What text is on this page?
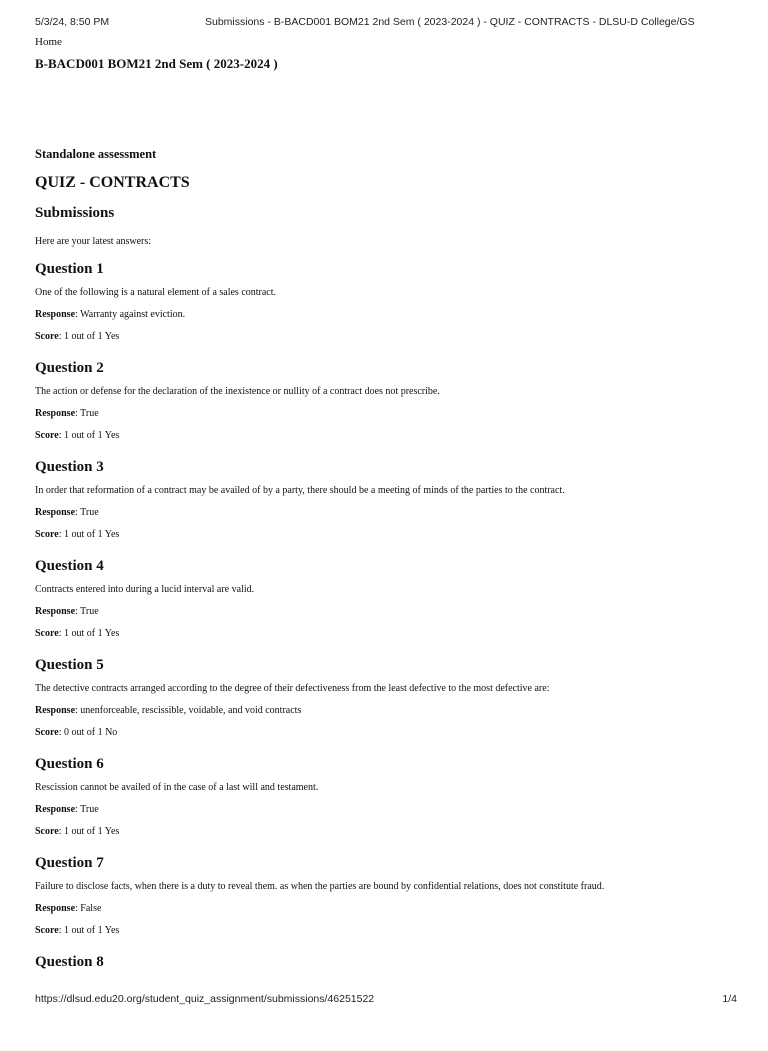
5/3/24, 8:50 PM	Submissions - B-BACD001 BOM21 2nd Sem ( 2023-2024 ) - QUIZ - CONTRACTS - DLSU-D College/GS
Home
B-BACD001 BOM21 2nd Sem ( 2023-2024 )
Standalone assessment
QUIZ - CONTRACTS
Submissions
Here are your latest answers:
Question 1
One of the following is a natural element of a sales contract.
Response: Warranty against eviction.
Score: 1 out of 1 Yes
Question 2
The action or defense for the declaration of the inexistence or nullity of a contract does not prescribe.
Response: True
Score: 1 out of 1 Yes
Question 3
In order that reformation of a contract may be availed of by a party, there should be a meeting of minds of the parties to the contract.
Response: True
Score: 1 out of 1 Yes
Question 4
Contracts entered into during a lucid interval are valid.
Response: True
Score: 1 out of 1 Yes
Question 5
The detective contracts arranged according to the degree of their defectiveness from the least defective to the most defective are:
Response: unenforceable, rescissible, voidable, and void contracts
Score: 0 out of 1 No
Question 6
Rescission cannot be availed of in the case of a last will and testament.
Response: True
Score: 1 out of 1 Yes
Question 7
Failure to disclose facts, when there is a duty to reveal them. as when the parties are bound by confidential relations, does not constitute fraud.
Response: False
Score: 1 out of 1 Yes
Question 8
https://dlsud.edu20.org/student_quiz_assignment/submissions/46251522	1/4
